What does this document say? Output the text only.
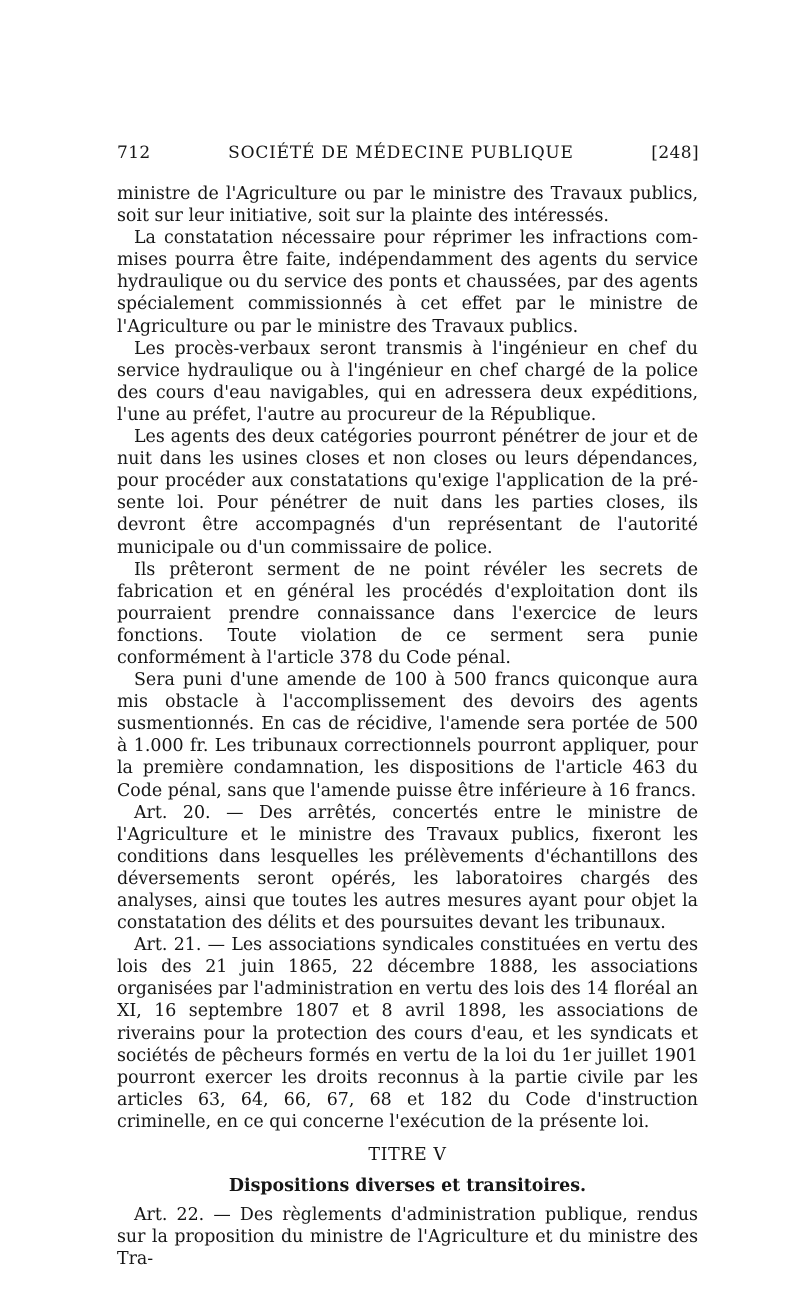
712	SOCIÉTÉ DE MÉDECINE PUBLIQUE	[248]

ministre de l'Agriculture ou par le ministre des Travaux publics, soit sur leur initiative, soit sur la plainte des intéressés.

La constatation nécessaire pour réprimer les infractions commises pourra être faite, indépendamment des agents du service hydraulique ou du service des ponts et chaussées, par des agents spécialement commissionnés à cet effet par le ministre de l'Agriculture ou par le ministre des Travaux publics.

Les procès-verbaux seront transmis à l'ingénieur en chef du service hydraulique ou à l'ingénieur en chef chargé de la police des cours d'eau navigables, qui en adressera deux expéditions, l'une au préfet, l'autre au procureur de la République.

Les agents des deux catégories pourront pénétrer de jour et de nuit dans les usines closes et non closes ou leurs dépendances, pour procéder aux constatations qu'exige l'application de la présente loi. Pour pénétrer de nuit dans les parties closes, ils devront être accompagnés d'un représentant de l'autorité municipale ou d'un commissaire de police.

Ils prêteront serment de ne point révéler les secrets de fabrication et en général les procédés d'exploitation dont ils pourraient prendre connaissance dans l'exercice de leurs fonctions. Toute violation de ce serment sera punie conformément à l'article 378 du Code pénal.

Sera puni d'une amende de 100 à 500 francs quiconque aura mis obstacle à l'accomplissement des devoirs des agents susmentionnés. En cas de récidive, l'amende sera portée de 500 à 1.000 fr. Les tribunaux correctionnels pourront appliquer, pour la première condamnation, les dispositions de l'article 463 du Code pénal, sans que l'amende puisse être inférieure à 16 francs.

Art. 20. — Des arrêtés, concertés entre le ministre de l'Agriculture et le ministre des Travaux publics, fixeront les conditions dans lesquelles les prélèvements d'échantillons des déversements seront opérés, les laboratoires chargés des analyses, ainsi que toutes les autres mesures ayant pour objet la constatation des délits et des poursuites devant les tribunaux.

Art. 21. — Les associations syndicales constituées en vertu des lois des 21 juin 1865, 22 décembre 1888, les associations organisées par l'administration en vertu des lois des 14 floréal an XI, 16 septembre 1807 et 8 avril 1898, les associations de riverains pour la protection des cours d'eau, et les syndicats et sociétés de pêcheurs formés en vertu de la loi du 1er juillet 1901 pourront exercer les droits reconnus à la partie civile par les articles 63, 64, 66, 67, 68 et 182 du Code d'instruction criminelle, en ce qui concerne l'exécution de la présente loi.

TITRE V
Dispositions diverses et transitoires.

Art. 22. — Des règlements d'administration publique, rendus sur la proposition du ministre de l'Agriculture et du ministre des Tra-
